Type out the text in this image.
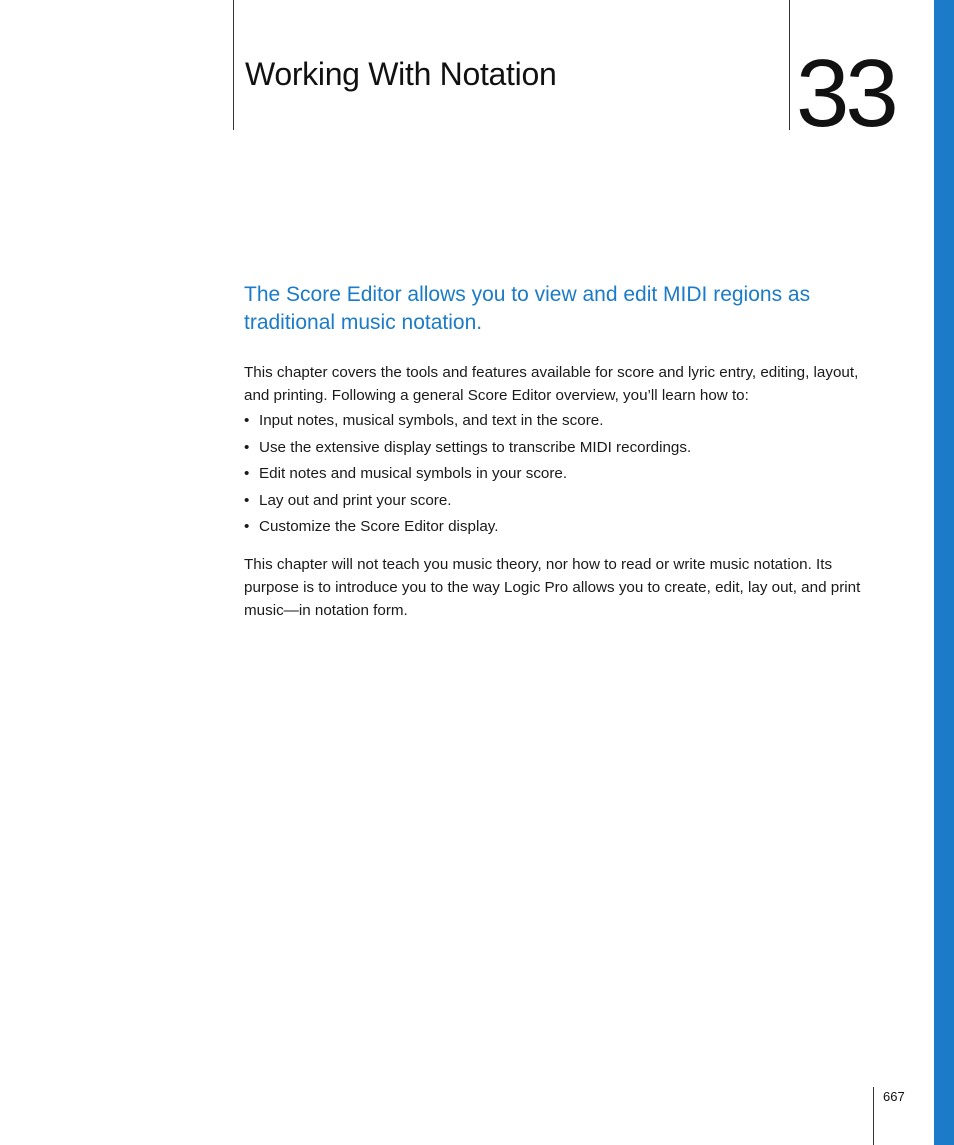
Working With Notation 33
The Score Editor allows you to view and edit MIDI regions as traditional music notation.

This chapter covers the tools and features available for score and lyric entry, editing, layout, and printing. Following a general Score Editor overview, you’ll learn how to:

• Input notes, musical symbols, and text in the score.
• Use the extensive display settings to transcribe MIDI recordings.
• Edit notes and musical symbols in your score.
• Lay out and print your score.
• Customize the Score Editor display.

This chapter will not teach you music theory, nor how to read or write music notation. Its purpose is to introduce you to the way Logic Pro allows you to create, edit, lay out, and print music—in notation form.

667
